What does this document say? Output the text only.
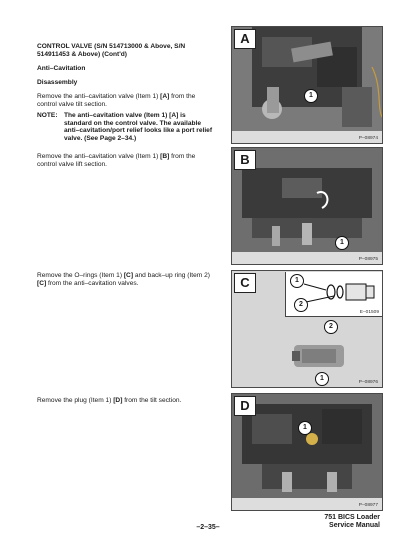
CONTROL VALVE (S/N 514713000 & Above, S/N 514911453 & Above) (Cont'd)
Anti–Cavitation
Disassembly
Remove the anti–cavitation valve (Item 1) [A] from the control valve tilt section.
NOTE: The anti–cavitation valve (Item 1) [A] is standard on the control valve. The available anti–cavitation/port relief looks like a port relief valve. (See Page 2–34.)
Remove the anti–cavitation valve (Item 1) [B] from the control valve lift section.
Remove the O–rings (Item 1) [C] and back–up ring (Item 2) [C] from the anti–cavitation valves.
Remove the plug (Item 1) [D] from the tilt section.
A
1
P–08974
B
1
P–08975
C	1
2
E–01509
2
1
P–08976
D
1
P–08977
751 BICS Loader
Service Manual
–2–35–
